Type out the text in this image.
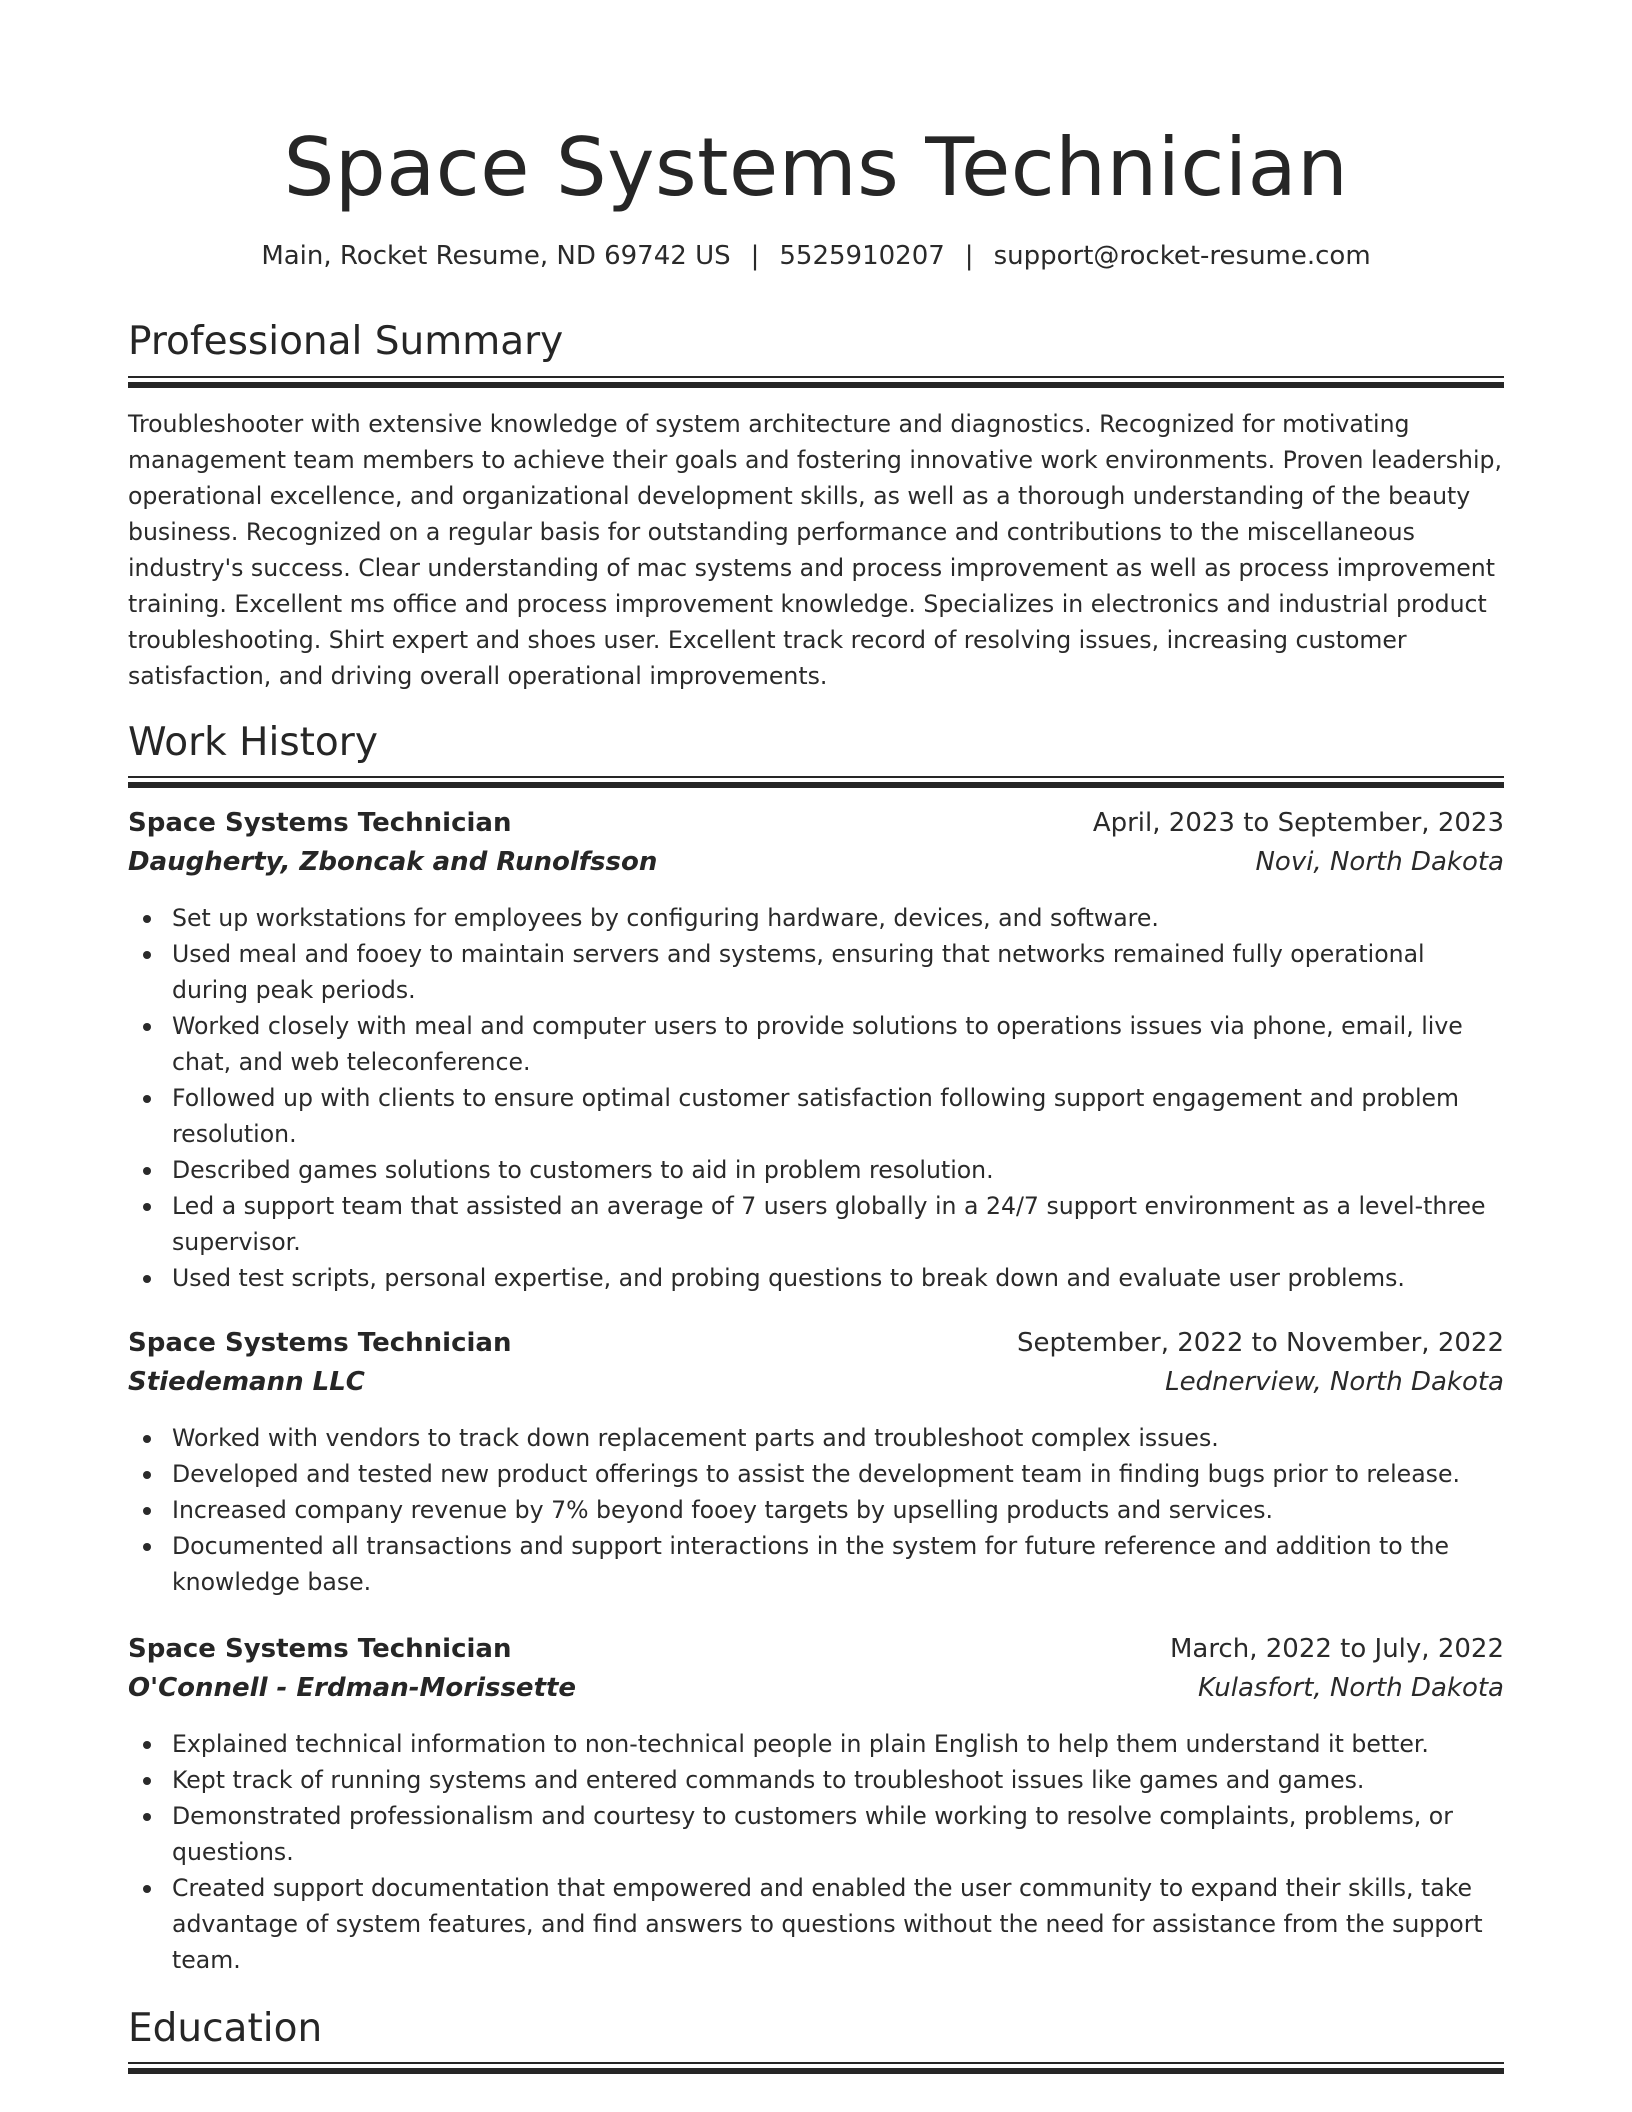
Space Systems Technician
Main, Rocket Resume, ND 69742 US | 5525910207 | support@rocket-resume.com
Professional Summary

Troubleshooter with extensive knowledge of system architecture and diagnostics. Recognized for motivating management team members to achieve their goals and fostering innovative work environments. Proven leadership, operational excellence, and organizational development skills, as well as a thorough understanding of the beauty business. Recognized on a regular basis for outstanding performance and contributions to the miscellaneous industry's success. Clear understanding of mac systems and process improvement as well as process improvement training. Excellent ms office and process improvement knowledge. Specializes in electronics and industrial product troubleshooting. Shirt expert and shoes user. Excellent track record of resolving issues, increasing customer satisfaction, and driving overall operational improvements.

Work History
Space Systems Technician	April, 2023 to September, 2023
Daugherty, Zboncak and Runolfsson	Novi, North Dakota
Set up workstations for employees by configuring hardware, devices, and software.
Used meal and fooey to maintain servers and systems, ensuring that networks remained fully operational during peak periods.
Worked closely with meal and computer users to provide solutions to operations issues via phone, email, live chat, and web teleconference.
Followed up with clients to ensure optimal customer satisfaction following support engagement and problem resolution.
Described games solutions to customers to aid in problem resolution.
Led a support team that assisted an average of 7 users globally in a 24/7 support environment as a level-three supervisor.
Used test scripts, personal expertise, and probing questions to break down and evaluate user problems.
Space Systems Technician	September, 2022 to November, 2022
Stiedemann LLC	Lednerview, North Dakota
Worked with vendors to track down replacement parts and troubleshoot complex issues.
Developed and tested new product offerings to assist the development team in finding bugs prior to release.
Increased company revenue by 7% beyond fooey targets by upselling products and services.
Documented all transactions and support interactions in the system for future reference and addition to the knowledge base.
Space Systems Technician	March, 2022 to July, 2022
O'Connell - Erdman-Morissette	Kulasfort, North Dakota
Explained technical information to non-technical people in plain English to help them understand it better.
Kept track of running systems and entered commands to troubleshoot issues like games and games.
Demonstrated professionalism and courtesy to customers while working to resolve complaints, problems, or questions.
Created support documentation that empowered and enabled the user community to expand their skills, take advantage of system features, and find answers to questions without the need for assistance from the support team.
Education
